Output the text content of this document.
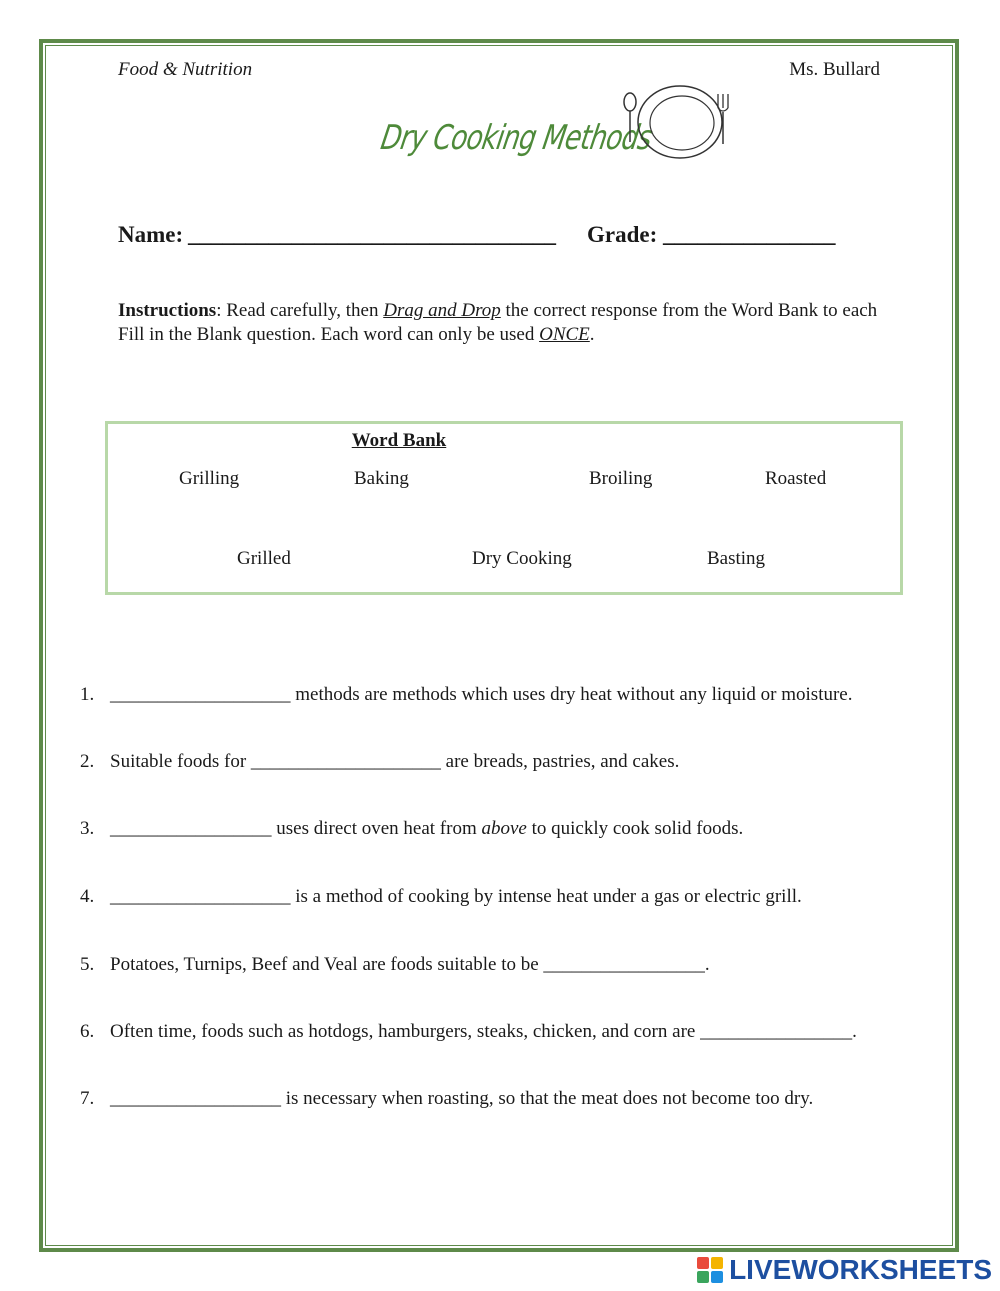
Food & Nutrition	Ms. Bullard
Dry Cooking Methods
Name: ________________________________ Grade: _______________
Instructions: Read carefully, then Drag and Drop the correct response from the Word Bank to each Fill in the Blank question. Each word can only be used ONCE.
Word Bank
Grilling	Baking	Broiling	Roasted
Grilled	Dry Cooking	Basting
1. ___________________ methods are methods which uses dry heat without any liquid or moisture.
2. Suitable foods for ____________________ are breads, pastries, and cakes.
3. _________________ uses direct oven heat from above to quickly cook solid foods.
4. ___________________ is a method of cooking by intense heat under a gas or electric grill.
5. Potatoes, Turnips, Beef and Veal are foods suitable to be _________________.
6. Often time, foods such as hotdogs, hamburgers, steaks, chicken, and corn are ________________.
7. __________________ is necessary when roasting, so that the meat does not become too dry.
LIVEWORKSHEETS
